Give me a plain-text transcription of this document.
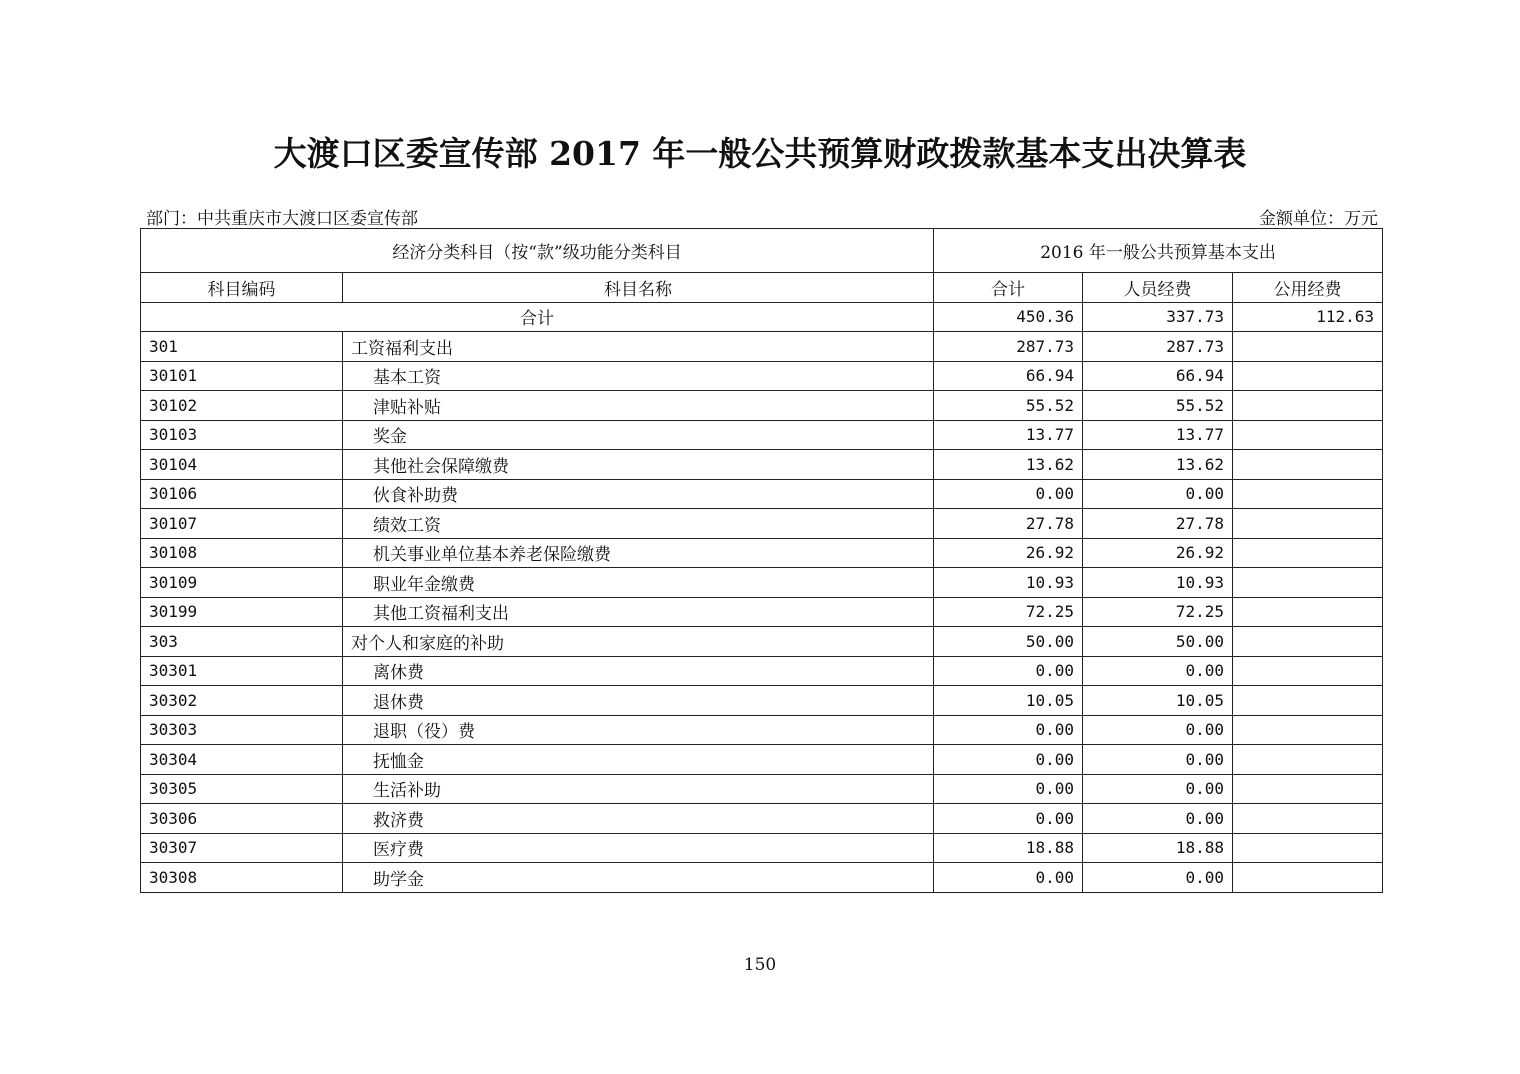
大渡口区委宣传部 2017 年一般公共预算财政拨款基本支出决算表
部门：中共重庆市大渡口区委宣传部	金额单位：万元
经济分类科目（按“款”级功能分类科目		2016 年一般公共预算基本支出		
科目编码	科目名称	合计	人员经费	公用经费
合计		450.36	337.73	112.63
301	工资福利支出	287.73	287.73	
30101	基本工资	66.94	66.94	
30102	津贴补贴	55.52	55.52	
30103	奖金	13.77	13.77	
30104	其他社会保障缴费	13.62	13.62	
30106	伙食补助费	0.00	0.00	
30107	绩效工资	27.78	27.78	
30108	机关事业单位基本养老保险缴费	26.92	26.92	
30109	职业年金缴费	10.93	10.93	
30199	其他工资福利支出	72.25	72.25	
303	对个人和家庭的补助	50.00	50.00	
30301	离休费	0.00	0.00	
30302	退休费	10.05	10.05	
30303	退职（役）费	0.00	0.00	
30304	抚恤金	0.00	0.00	
30305	生活补助	0.00	0.00	
30306	救济费	0.00	0.00	
30307	医疗费	18.88	18.88	
30308	助学金	0.00	0.00	
150
